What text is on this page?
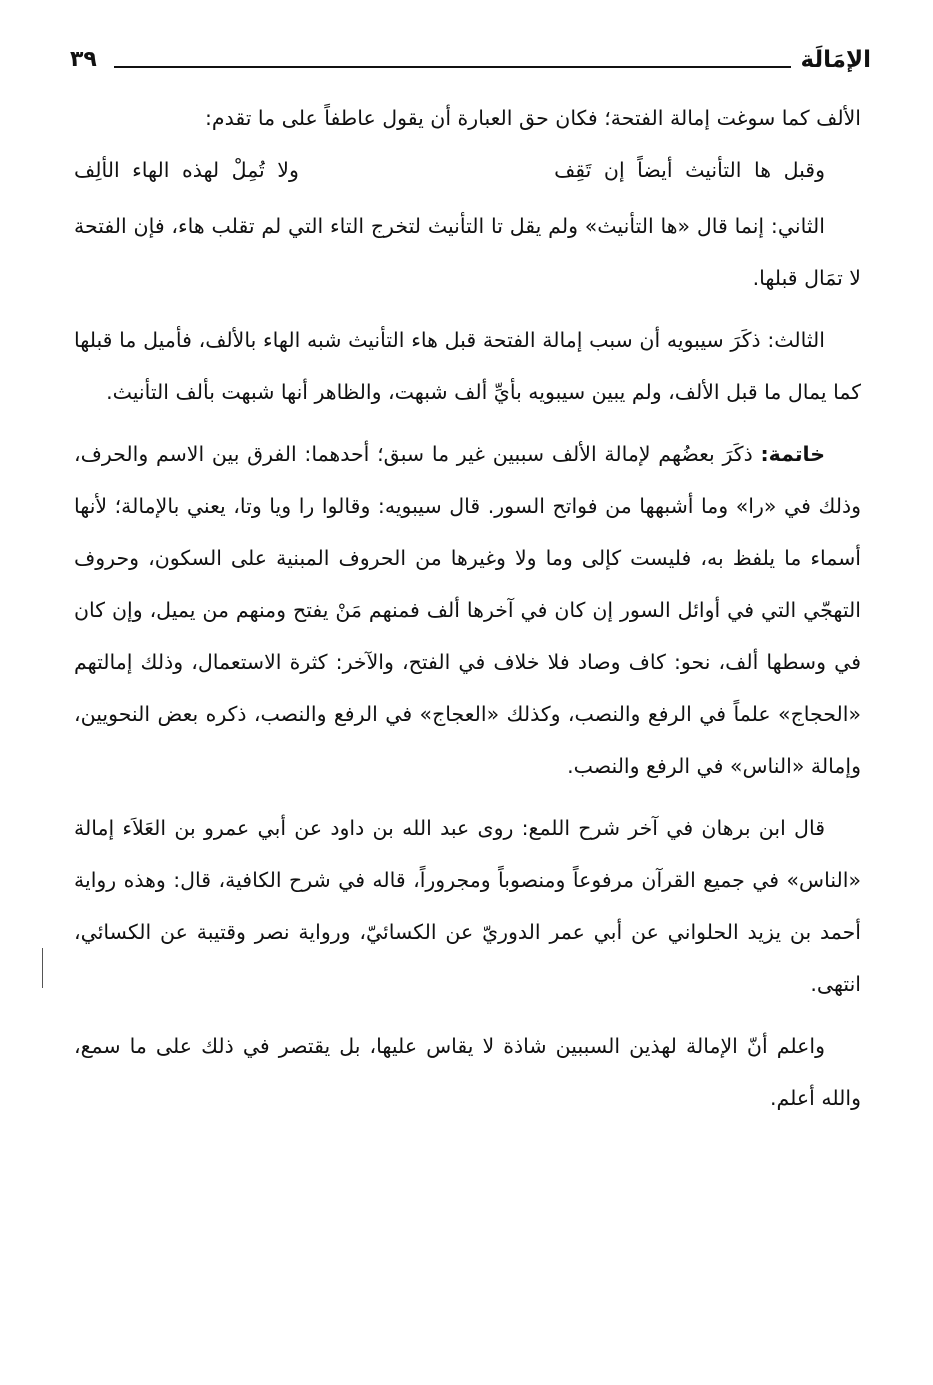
الإمَالَة
٣٩

الألف كما سوغت إمالة الفتحة؛ فكان حق العبارة أن يقول عاطفاً على ما تقدم:

وقبل ها التأنيث أيضاً إن تَقِف
ولا تُمِلْ لهذه الهاء الألِف

الثاني: إنما قال «ها التأنيث» ولم يقل تا التأنيث لتخرج التاء التي لم تقلب هاء، فإن الفتحة لا تمَال قبلها.

الثالث: ذكَرَ سيبويه أن سبب إمالة الفتحة قبل هاء التأنيث شبه الهاء بالألف، فأميل ما قبلها كما يمال ما قبل الألف، ولم يبين سيبويه بأيِّ ألف شبهت، والظاهر أنها شبهت بألف التأنيث.

خاتمة: ذكَرَ بعضُهم لإمالة الألف سببين غير ما سبق؛ أحدهما: الفرق بين الاسم والحرف، وذلك في «را» وما أشبهها من فواتح السور. قال سيبويه: وقالوا را ويا وتا، يعني بالإمالة؛ لأنها أسماء ما يلفظ به، فليست كإلى وما ولا وغيرها من الحروف المبنية على السكون، وحروف التهجّي التي في أوائل السور إن كان في آخرها ألف فمنهم مَنْ يفتح ومنهم من يميل، وإن كان في وسطها ألف، نحو: كاف وصاد فلا خلاف في الفتح، والآخر: كثرة الاستعمال، وذلك إمالتهم «الحجاج» علماً في الرفع والنصب، وكذلك «العجاج» في الرفع والنصب، ذكره بعض النحويين، وإمالة «الناس» في الرفع والنصب.

قال ابن برهان في آخر شرح اللمع: روى عبد الله بن داود عن أبي عمرو بن العَلاَء إمالة «الناس» في جميع القرآن مرفوعاً ومنصوباً ومجروراً، قاله في شرح الكافية، قال: وهذه رواية أحمد بن يزيد الحلواني عن أبي عمر الدوريّ عن الكسائيّ، ورواية نصر وقتيبة عن الكسائي، انتهى.

واعلم أنّ الإمالة لهذين السببين شاذة لا يقاس عليها، بل يقتصر في ذلك على ما سمع، والله أعلم.
